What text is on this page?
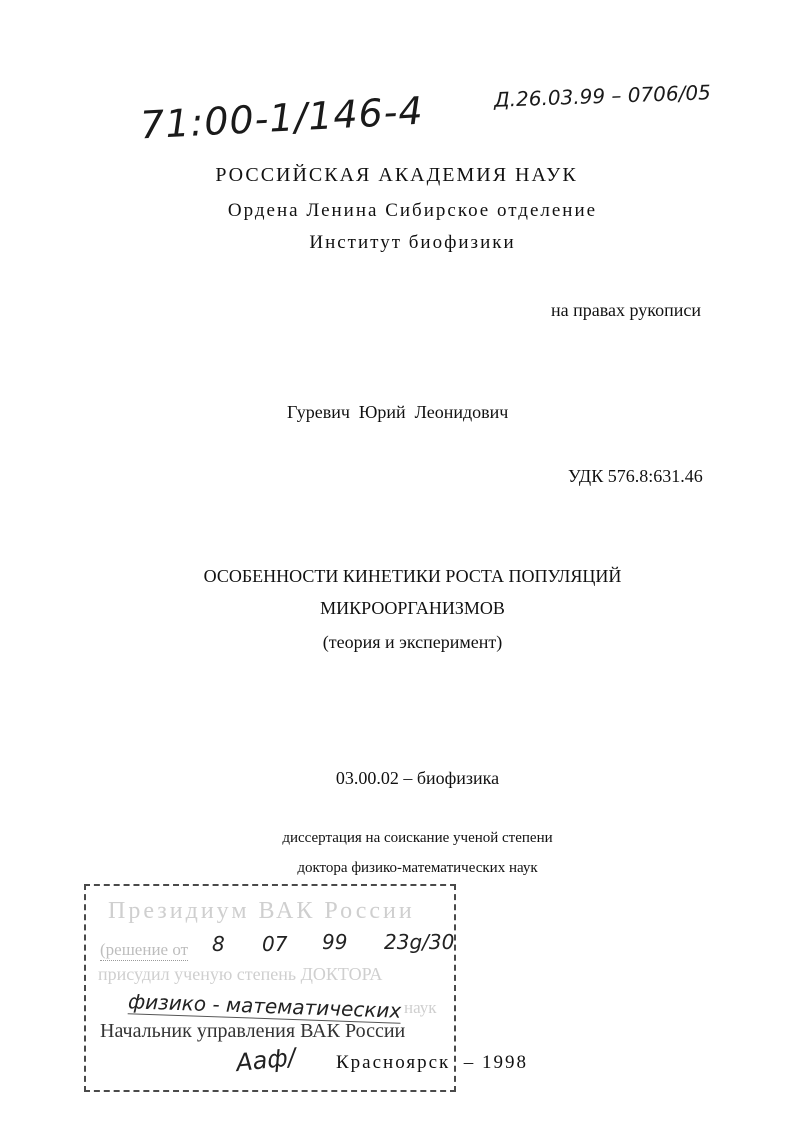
71:00-1/146-4	Д.26.03.99 – 0706/05
РОССИЙСКАЯ АКАДЕМИЯ НАУК
Ордена Ленина Сибирское отделение
Институт биофизики
на правах рукописи
Гуревич  Юрий  Леонидович
УДК 576.8:631.46
ОСОБЕННОСТИ КИНЕТИКИ РОСТА ПОПУЛЯЦИЙ
МИКРООРГАНИЗМОВ
(теория и эксперимент)
03.00.02 – биофизика
диссертация на соискание ученой степени
доктора физико-математических наук
Президиум ВАК России
(решение от 8 07 99 23g/30
присудил ученую степень ДОКТОРА
физико - математических наук
Начальник управления ВАК России
Ааф/ Красноярск  – 1998
